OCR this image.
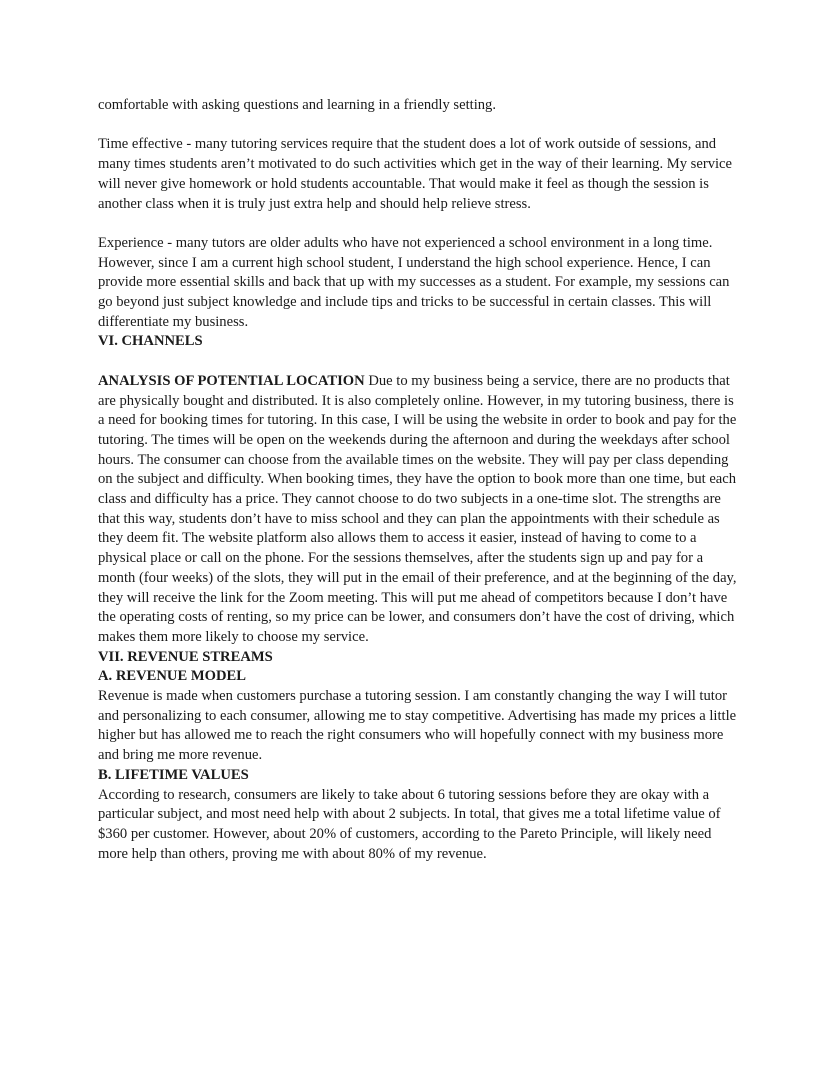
comfortable with asking questions and learning in a friendly setting.

Time effective - many tutoring services require that the student does a lot of work outside of sessions, and many times students aren’t motivated to do such activities which get in the way of their learning. My service will never give homework or hold students accountable. That would make it feel as though the session is another class when it is truly just extra help and should help relieve stress.

Experience - many tutors are older adults who have not experienced a school environment in a long time. However, since I am a current high school student, I understand the high school experience. Hence, I can provide more essential skills and back that up with my successes as a student. For example, my sessions can go beyond just subject knowledge and include tips and tricks to be successful in certain classes. This will differentiate my business.

VI. CHANNELS

ANALYSIS OF POTENTIAL LOCATION Due to my business being a service, there are no products that are physically bought and distributed. It is also completely online. However, in my tutoring business, there is a need for booking times for tutoring. In this case, I will be using the website in order to book and pay for the tutoring. The times will be open on the weekends during the afternoon and during the weekdays after school hours. The consumer can choose from the available times on the website. They will pay per class depending on the subject and difficulty. When booking times, they have the option to book more than one time, but each class and difficulty has a price. They cannot choose to do two subjects in a one-time slot. The strengths are that this way, students don’t have to miss school and they can plan the appointments with their schedule as they deem fit. The website platform also allows them to access it easier, instead of having to come to a physical place or call on the phone. For the sessions themselves, after the students sign up and pay for a month (four weeks) of the slots, they will put in the email of their preference, and at the beginning of the day, they will receive the link for the Zoom meeting. This will put me ahead of competitors because I don’t have the operating costs of renting, so my price can be lower, and consumers don’t have the cost of driving, which makes them more likely to choose my service.

VII. REVENUE STREAMS

A. REVENUE MODEL

Revenue is made when customers purchase a tutoring session. I am constantly changing the way I will tutor and personalizing to each consumer, allowing me to stay competitive. Advertising has made my prices a little higher but has allowed me to reach the right consumers who will hopefully connect with my business more and bring me more revenue.

B. LIFETIME VALUES

According to research, consumers are likely to take about 6 tutoring sessions before they are okay with a particular subject, and most need help with about 2 subjects. In total, that gives me a total lifetime value of $360 per customer. However, about 20% of customers, according to the Pareto Principle, will likely need more help than others, proving me with about 80% of my revenue.
